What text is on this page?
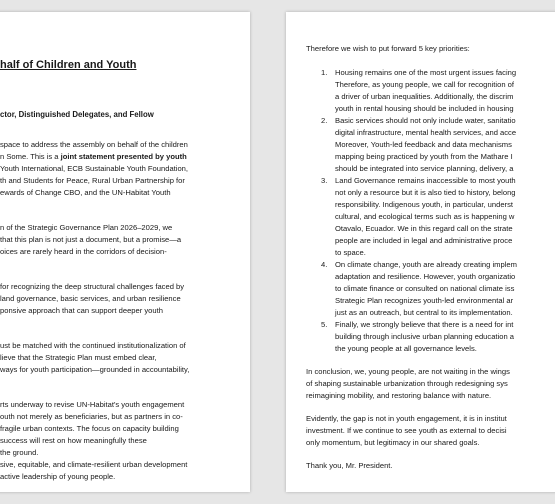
half of Children and Youth
ctor, Distinguished Delegates, and Fellow
space to address the assembly on behalf of the children
n Some. This is a joint statement presented by youth
Youth International, ECB Sustainable Youth Foundation,
th and Students for Peace, Rural Urban Partnership for
ewards of Change CBO, and the UN-Habitat Youth
n of the Strategic Governance Plan 2026–2029, we
that this plan is not just a document, but a promise—a
oices are rarely heard in the corridors of decision-
for recognizing the deep structural challenges faced by
land governance, basic services, and urban resilience
ponsive approach that can support deeper youth
ust be matched with the continued institutionalization of
lieve that the Strategic Plan must embed clear,
ways for youth participation—grounded in accountability,
rts underway to revise UN-Habitat's youth engagement
outh not merely as beneficiaries, but as partners in co-
fragile urban contexts. The focus on capacity building
success will rest on how meaningfully these
the ground.
sive, equitable, and climate-resilient urban development
active leadership of young people.
Therefore we wish to put forward 5 key priorities:
1. Housing remains one of the most urgent issues facing
Therefore, as young people, we call for recognition of
a driver of urban inequalities. Additionally, the discrim
youth in rental housing should be included in housing
2. Basic services should not only include water, sanitatio
digital infrastructure, mental health services, and acce
Moreover, Youth-led feedback and data mechanisms
mapping being practiced by youth from the Mathare I
should be integrated into service planning, delivery, a
3. Land Governance remains inaccessible to most youth
not only a resource but it is also tied to history, belong
responsibility. Indigenous youth, in particular, underst
cultural, and ecological terms such as is happening w
Otavalo, Ecuador. We in this regard call on the strate
people are included in legal and administrative proce
to space.
4. On climate change, youth are already creating implem
adaptation and resilience. However, youth organizatio
to climate finance or consulted on national climate iss
Strategic Plan recognizes youth-led environmental ar
just as an outreach, but central to its implementation.
5. Finally, we strongly believe that there is a need for int
building through inclusive urban planning education a
the young people at all governance levels.
In conclusion, we, young people, are not waiting in the wings
of shaping sustainable urbanization through redesigning sys
reimagining mobility, and restoring balance with nature.
Evidently, the gap is not in youth engagement, it is in institut
investment. If we continue to see youth as external to decisi
only momentum, but legitimacy in our shared goals.
Thank you, Mr. President.
